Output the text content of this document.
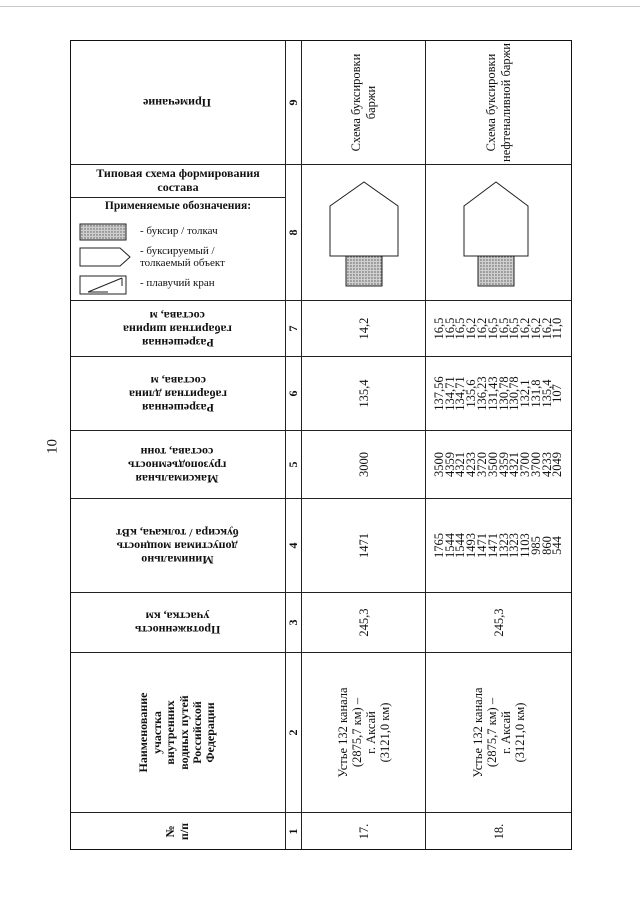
10
№
п/п
Наименование
участка
внутренних
водных путей
Российской
Федерации
Протяженность
участка, км
Минимально
допустимая мощность
буксира / толкача, кВт
Максимальная
грузоподъемность
состава, тонн
Разрешенная
габаритная длина
состава, м
Разрешенная
габаритная ширина
состава, м
Типовая схема формирования
состава
Применяемые обозначения:
- буксир / толкач
- буксируемый / толкаемый объект
- плавучий кран
Примечание
1
2
3
4
5
6
7
8
9
17.
Устье 132 канала
(2875,7 км) –
г. Аксай
(3121,0 км)
245,3
1471
3000
135,4
14,2
Схема буксировки баржи
18.
Устье 132 канала
(2875,7 км) –
г. Аксай
(3121,0 км)
245,3
1765
1544
1544
1493
1471
1471
1323
1323
1103
985
860
544
3500
4359
4321
4233
3720
3500
4359
4321
3700
3700
4233
2049
137,56
134,71
134,71
135,6
136,23
131,43
130,78
130,78
132,1
131,8
135,4
107
16,5
16,5
16,5
16,2
16,2
16,5
16,5
16,5
16,2
16,2
16,2
11,0
Схема буксировки
нефтеналивной баржи
